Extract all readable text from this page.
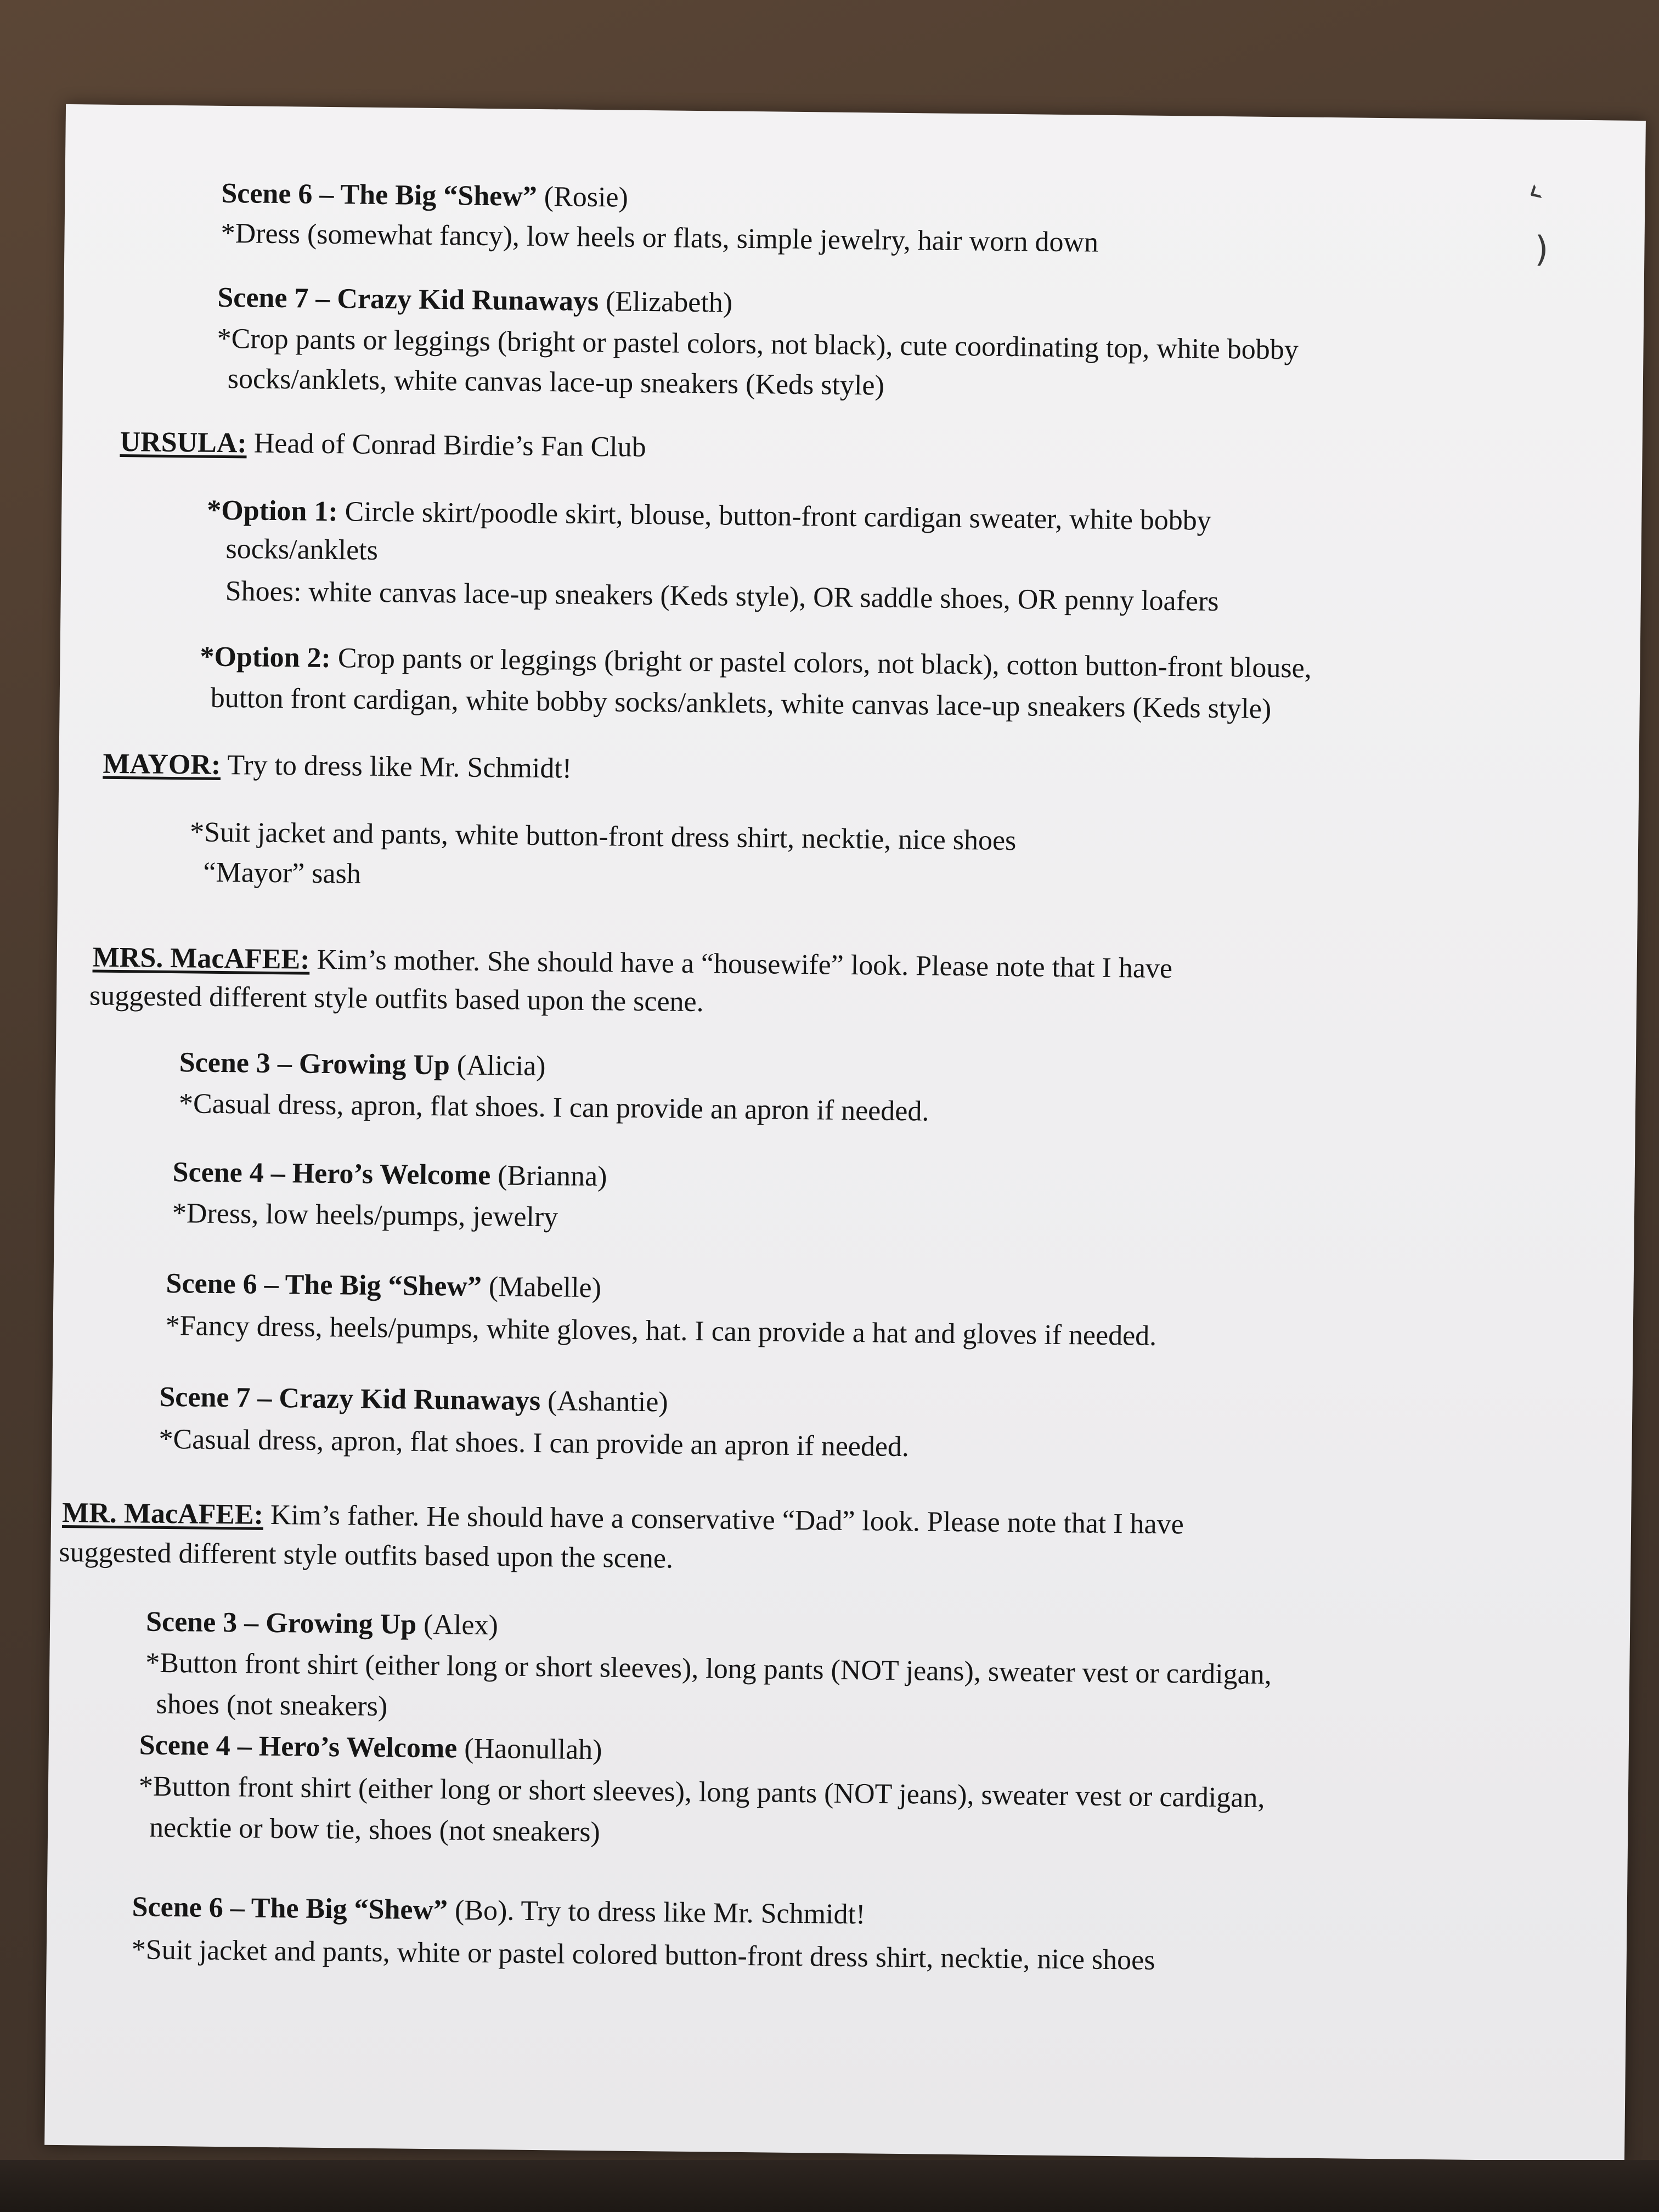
‹
)
Scene 6 – The Big “Shew” (Rosie)
*Dress (somewhat fancy), low heels or flats, simple jewelry, hair worn down
Scene 7 – Crazy Kid Runaways (Elizabeth)
*Crop pants or leggings (bright or pastel colors, not black), cute coordinating top, white bobby
socks/anklets, white canvas lace-up sneakers (Keds style)
URSULA: Head of Conrad Birdie’s Fan Club
*Option 1: Circle skirt/poodle skirt, blouse, button-front cardigan sweater, white bobby
socks/anklets
Shoes: white canvas lace-up sneakers (Keds style), OR saddle shoes, OR penny loafers
*Option 2: Crop pants or leggings (bright or pastel colors, not black), cotton button-front blouse,
button front cardigan, white bobby socks/anklets, white canvas lace-up sneakers (Keds style)
MAYOR: Try to dress like Mr. Schmidt!
*Suit jacket and pants, white button-front dress shirt, necktie, nice shoes
“Mayor” sash
MRS. MacAFEE: Kim’s mother. She should have a “housewife” look. Please note that I have
suggested different style outfits based upon the scene.
Scene 3 – Growing Up (Alicia)
*Casual dress, apron, flat shoes. I can provide an apron if needed.
Scene 4 – Hero’s Welcome (Brianna)
*Dress, low heels/pumps, jewelry
Scene 6 – The Big “Shew” (Mabelle)
*Fancy dress, heels/pumps, white gloves, hat. I can provide a hat and gloves if needed.
Scene 7 – Crazy Kid Runaways (Ashantie)
*Casual dress, apron, flat shoes. I can provide an apron if needed.
MR. MacAFEE: Kim’s father. He should have a conservative “Dad” look. Please note that I have
suggested different style outfits based upon the scene.
Scene 3 – Growing Up (Alex)
*Button front shirt (either long or short sleeves), long pants (NOT jeans), sweater vest or cardigan,
shoes (not sneakers)
Scene 4 – Hero’s Welcome (Haonullah)
*Button front shirt (either long or short sleeves), long pants (NOT jeans), sweater vest or cardigan,
necktie or bow tie, shoes (not sneakers)
Scene 6 – The Big “Shew” (Bo). Try to dress like Mr. Schmidt!
*Suit jacket and pants, white or pastel colored button-front dress shirt, necktie, nice shoes
